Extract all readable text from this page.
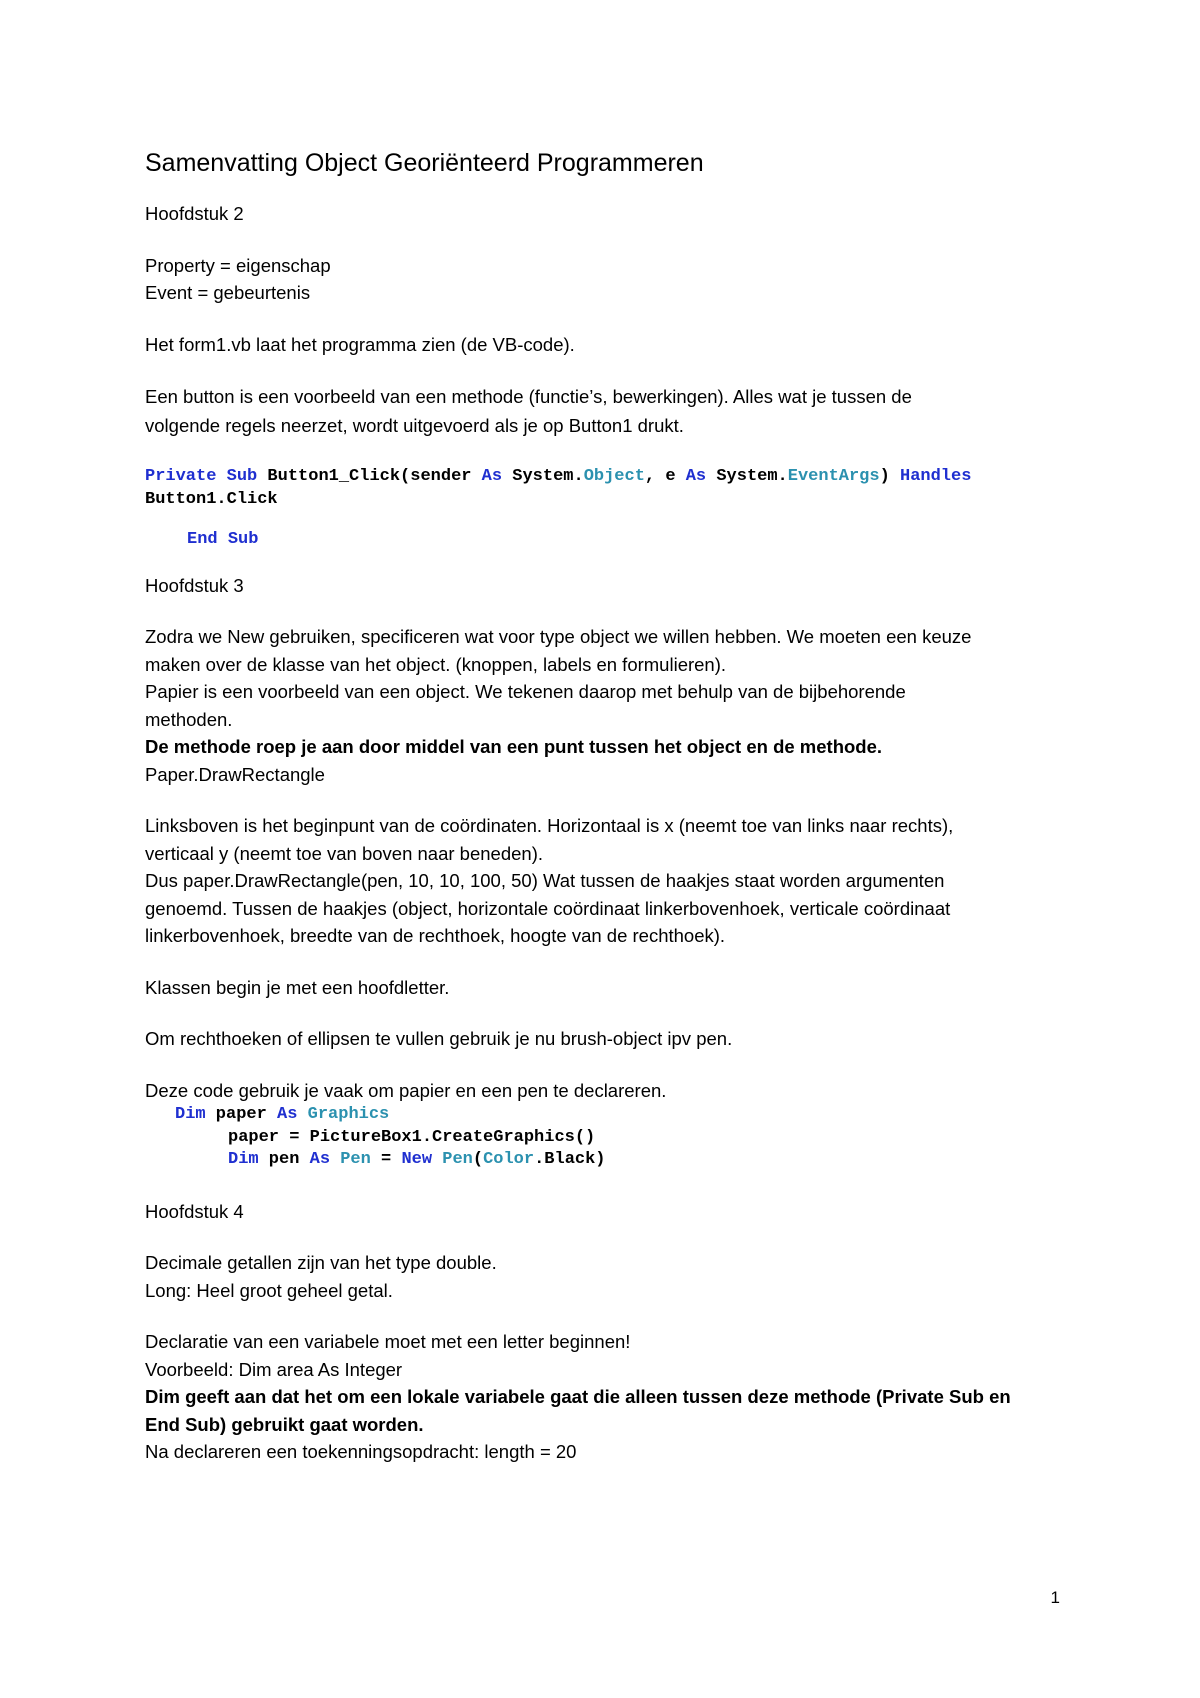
Samenvatting Object Georiënteerd Programmeren

Hoofdstuk 2

Property = eigenschap

Event = gebeurtenis

Het form1.vb laat het programma zien (de VB-code).

Een button is een voorbeeld van een methode (functie’s, bewerkingen). Alles wat je tussen de

volgende regels neerzet, wordt uitgevoerd als je op Button1 drukt.

Private Sub Button1_Click(sender As System.Object, e As System.EventArgs) Handles

Button1.Click

End Sub

Hoofdstuk 3

Zodra we New gebruiken, specificeren wat voor type object we willen hebben. We moeten een keuze

maken over de klasse van het object. (knoppen, labels en formulieren).

Papier is een voorbeeld van een object. We tekenen daarop met behulp van de bijbehorende

methoden.

De methode roep je aan door middel van een punt tussen het object en de methode.

Paper.DrawRectangle

Linksboven is het beginpunt van de coördinaten. Horizontaal is x (neemt toe van links naar rechts),

verticaal y (neemt toe van boven naar beneden).

Dus paper.DrawRectangle(pen, 10, 10, 100, 50) Wat tussen de haakjes staat worden argumenten

genoemd. Tussen de haakjes (object, horizontale coördinaat linkerbovenhoek, verticale coördinaat

linkerbovenhoek, breedte van de rechthoek, hoogte van de rechthoek).

Klassen begin je met een hoofdletter.

Om rechthoeken of ellipsen te vullen gebruik je nu brush-object ipv pen.

Deze code gebruik je vaak om papier en een pen te declareren.

Dim paper As Graphics

paper = PictureBox1.CreateGraphics()

Dim pen As Pen = New Pen(Color.Black)

Hoofdstuk 4

Decimale getallen zijn van het type double.

Long: Heel groot geheel getal.

Declaratie van een variabele moet met een letter beginnen!

Voorbeeld: Dim area As Integer

Dim geeft aan dat het om een lokale variabele gaat die alleen tussen deze methode (Private Sub en

End Sub) gebruikt gaat worden.

Na declareren een toekenningsopdracht: length = 20

1
